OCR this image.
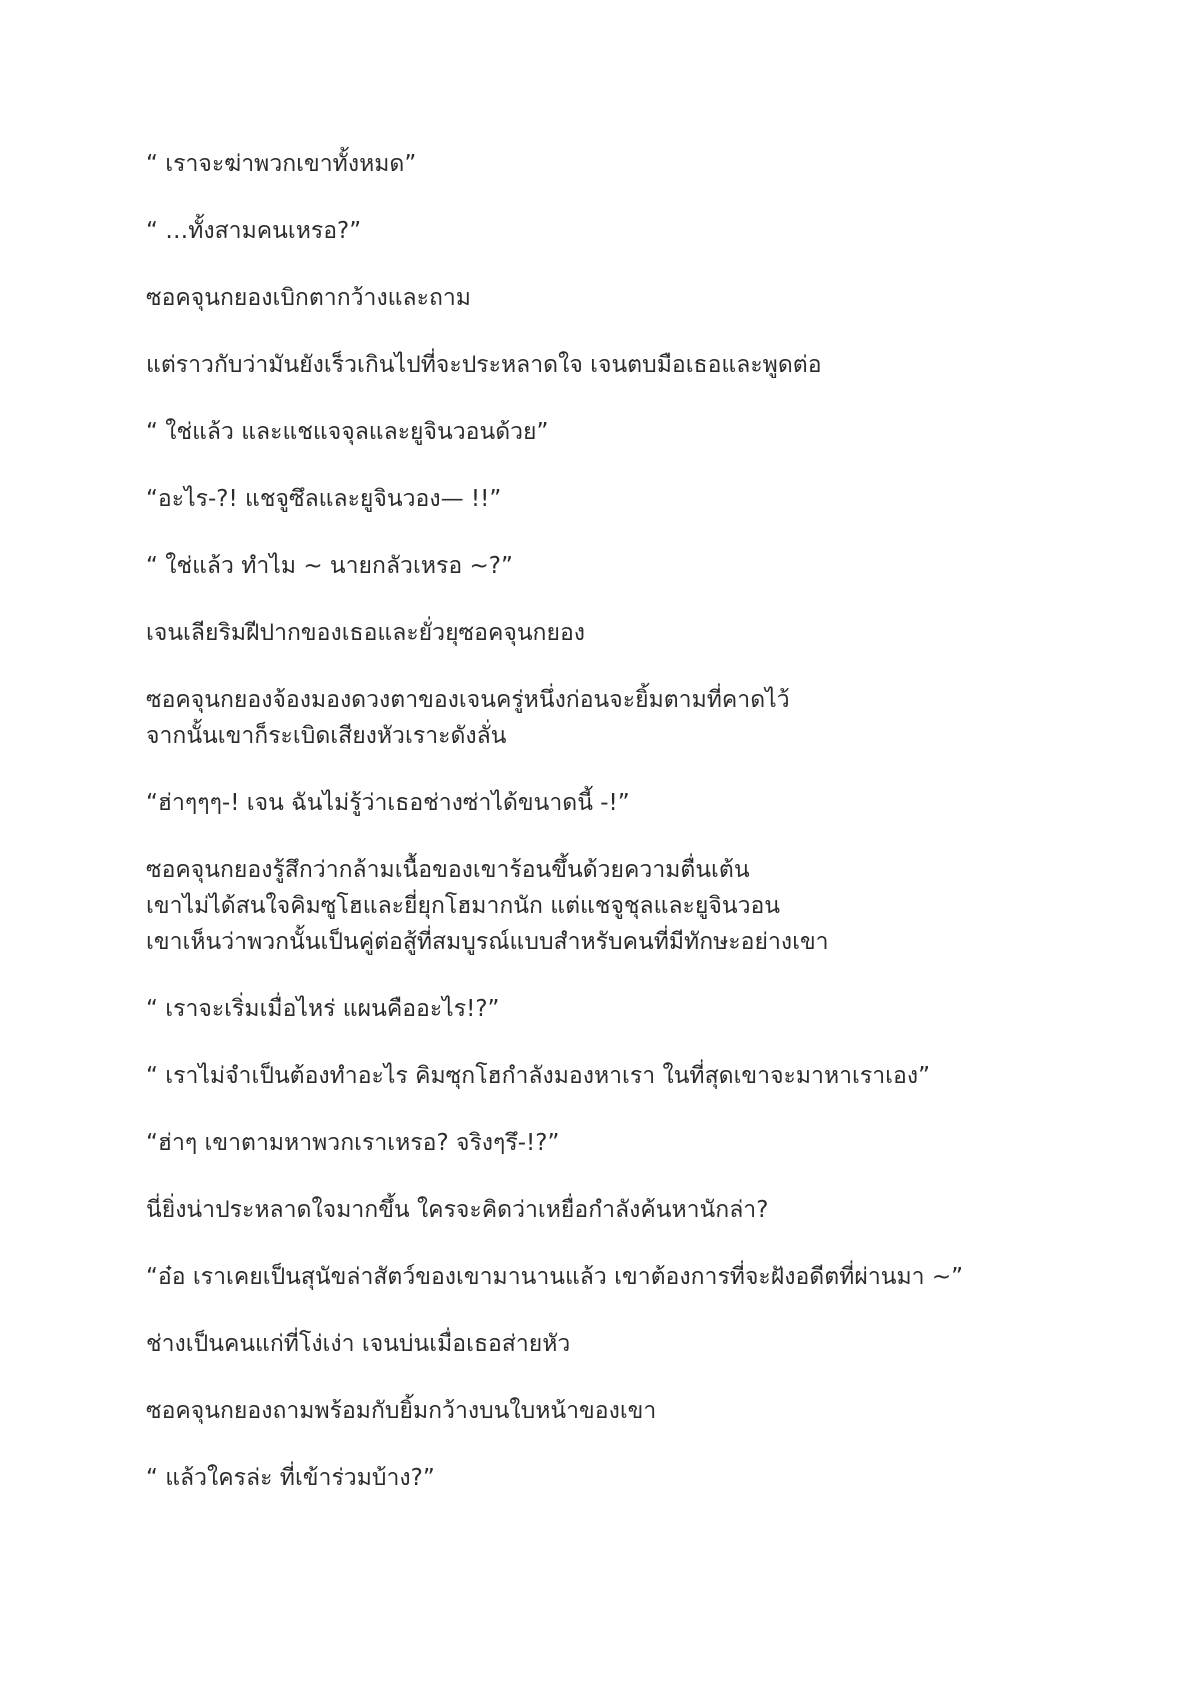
“ เราจะฆ่าพวกเขาทั้งหมด”

“ …ทั้งสามคนเหรอ?”

ซอคจุนกยองเบิกตากว้างและถาม

แต่ราวกับว่ามันยังเร็วเกินไปที่จะประหลาดใจ เจนตบมือเธอและพูดต่อ

“ ใช่แล้ว และแชแจจุลและยูจินวอนด้วย”

“อะไร-?! แชจูซึลและยูจินวอง— !!”

“ ใช่แล้ว ทำไม ~ นายกลัวเหรอ ~?”

เจนเลียริมฝีปากของเธอและยั่วยุซอคจุนกยอง

ซอคจุนกยองจ้องมองดวงตาของเจนครู่หนึ่งก่อนจะยิ้มตามที่คาดไว้
จากนั้นเขาก็ระเบิดเสียงหัวเราะดังลั่น

“ฮ่าๆๆๆ-! เจน ฉันไม่รู้ว่าเธอช่างซ่าได้ขนาดนี้ -!”

ซอคจุนกยองรู้สึกว่ากล้ามเนื้อของเขาร้อนขึ้นด้วยความตื่นเต้น
เขาไม่ได้สนใจคิมซูโฮและยี่ยุกโฮมากนัก แต่แชจูชุลและยูจินวอน
เขาเห็นว่าพวกนั้นเป็นคู่ต่อสู้ที่สมบูรณ์แบบสำหรับคนที่มีทักษะอย่างเขา

“ เราจะเริ่มเมื่อไหร่ แผนคืออะไร!?”

“ เราไม่จำเป็นต้องทำอะไร คิมซุกโฮกำลังมองหาเรา ในที่สุดเขาจะมาหาเราเอง”

“ฮ่าๆ เขาตามหาพวกเราเหรอ? จริงๆรึ-!?”

นี่ยิ่งน่าประหลาดใจมากขึ้น ใครจะคิดว่าเหยื่อกำลังค้นหานักล่า?

“อ๋อ เราเคยเป็นสุนัขล่าสัตว์ของเขามานานแล้ว เขาต้องการที่จะฝังอดีตที่ผ่านมา ~”

ช่างเป็นคนแก่ที่โง่เง่า เจนบ่นเมื่อเธอส่ายหัว

ซอคจุนกยองถามพร้อมกับยิ้มกว้างบนใบหน้าของเขา

“ แล้วใครล่ะ ที่เข้าร่วมบ้าง?”
